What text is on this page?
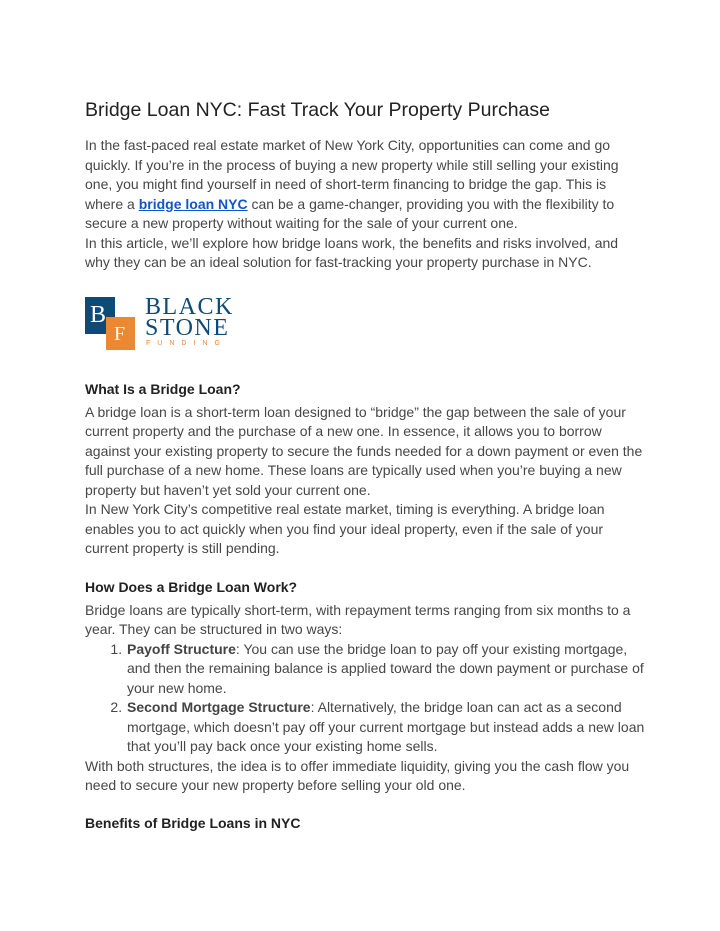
Bridge Loan NYC: Fast Track Your Property Purchase

In the fast-paced real estate market of New York City, opportunities can come and go quickly. If you’re in the process of buying a new property while still selling your existing one, you might find yourself in need of short-term financing to bridge the gap. This is where a bridge loan NYC can be a game-changer, providing you with the flexibility to secure a new property without waiting for the sale of your current one.

In this article, we’ll explore how bridge loans work, the benefits and risks involved, and why they can be an ideal solution for fast-tracking your property purchase in NYC.

B
F
BLACK
STONE
FUNDING
What Is a Bridge Loan?

A bridge loan is a short-term loan designed to “bridge” the gap between the sale of your current property and the purchase of a new one. In essence, it allows you to borrow against your existing property to secure the funds needed for a down payment or even the full purchase of a new home. These loans are typically used when you’re buying a new property but haven’t yet sold your current one.

In New York City’s competitive real estate market, timing is everything. A bridge loan enables you to act quickly when you find your ideal property, even if the sale of your current property is still pending.

How Does a Bridge Loan Work?

Bridge loans are typically short-term, with repayment terms ranging from six months to a year. They can be structured in two ways:

1. Payoff Structure: You can use the bridge loan to pay off your existing mortgage, and then the remaining balance is applied toward the down payment or purchase of your new home.
2. Second Mortgage Structure: Alternatively, the bridge loan can act as a second mortgage, which doesn’t pay off your current mortgage but instead adds a new loan that you’ll pay back once your existing home sells.

With both structures, the idea is to offer immediate liquidity, giving you the cash flow you need to secure your new property before selling your old one.

Benefits of Bridge Loans in NYC
